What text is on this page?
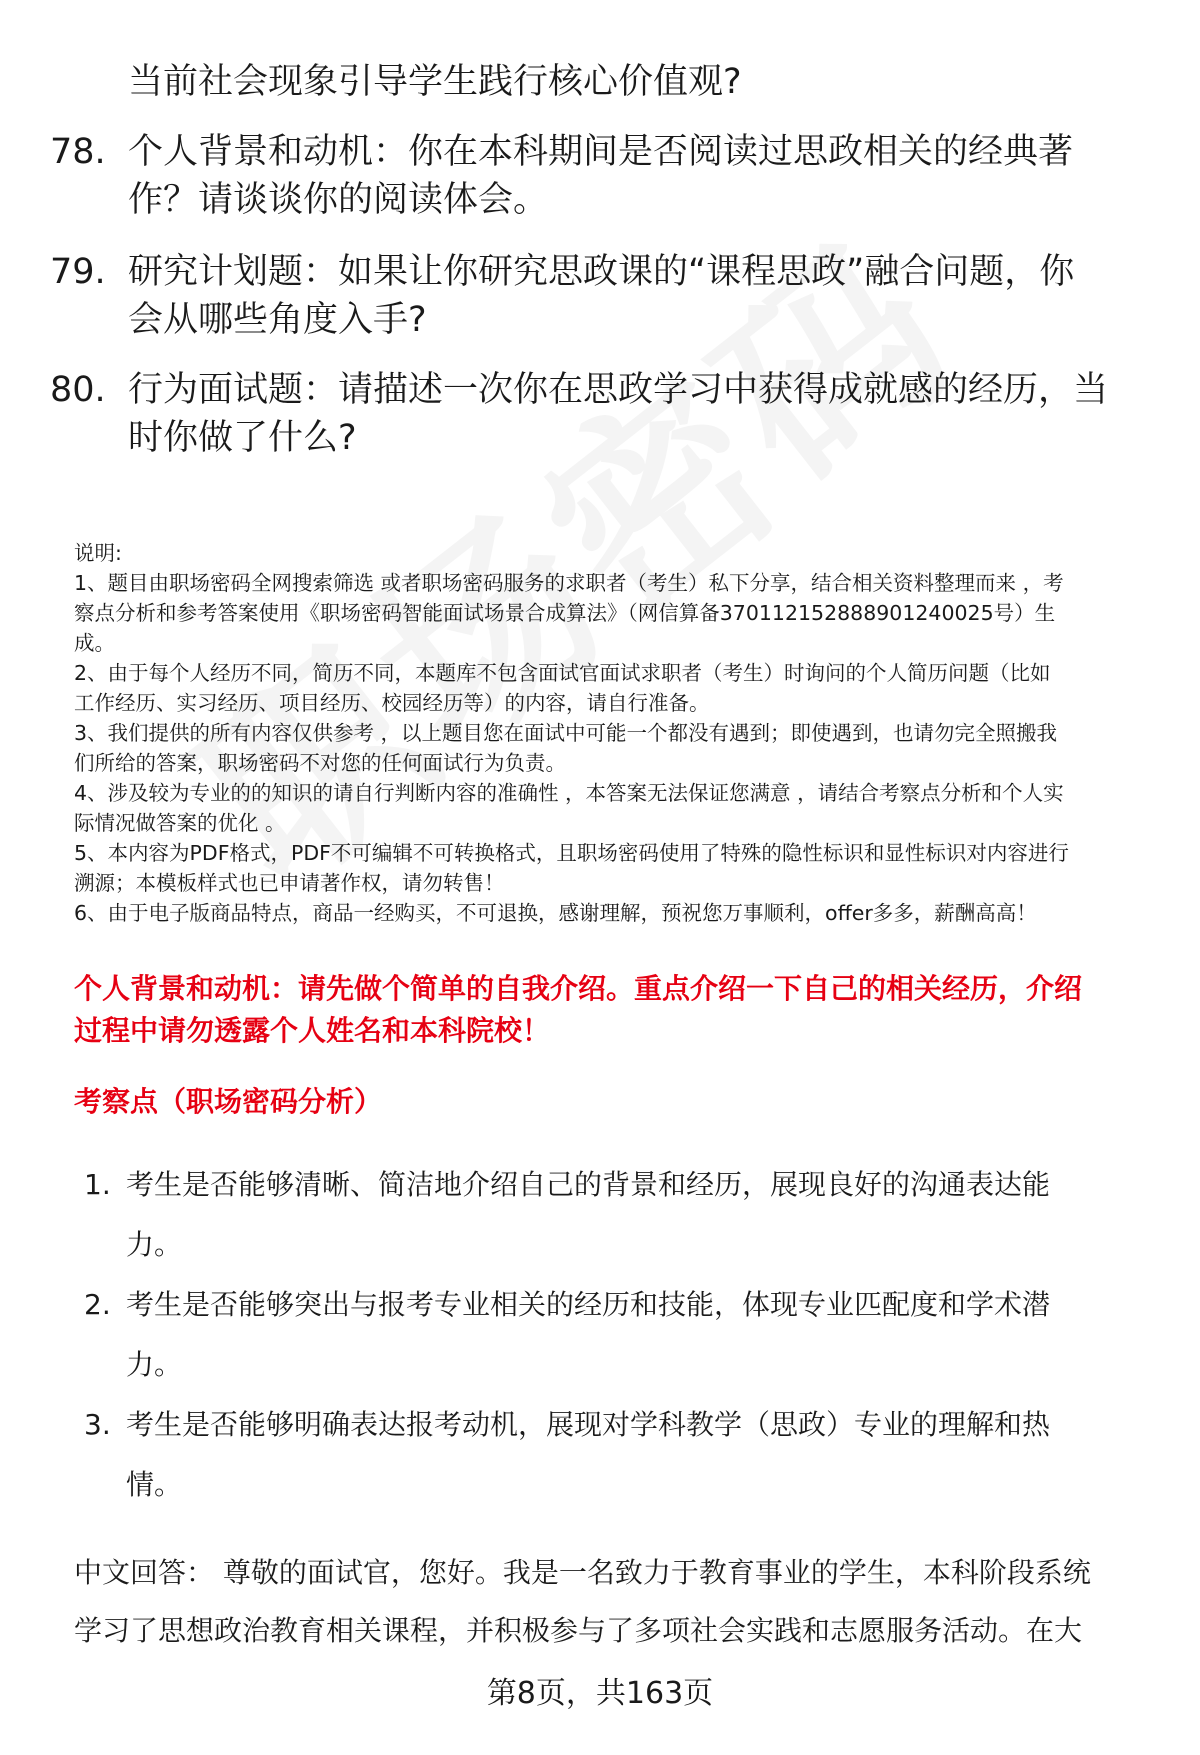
当前社会现象引导学生践行核心价值观?
78. 个人背景和动机：你在本科期间是否阅读过思政相关的经典著
作？请谈谈你的阅读体会。
79. 研究计划题：如果让你研究思政课的“课程思政”融合问题，你
会从哪些角度入手?
80. 行为面试题：请描述一次你在思政学习中获得成就感的经历，当
时你做了什么?
说明:
1、题目由职场密码全网搜索筛选 或者职场密码服务的求职者（考生）私下分享，结合相关资料整理而来 ，考
察点分析和参考答案使用《职场密码智能面试场景合成算法》（网信算备370112152888901240025号）生
成。
2、由于每个人经历不同，简历不同，本题库不包含面试官面试求职者（考生）时询问的个人简历问题（比如
工作经历、实习经历、项目经历、校园经历等）的内容，请自行准备。
3、我们提供的所有内容仅供参考 ，以上题目您在面试中可能一个都没有遇到；即使遇到，也请勿完全照搬我
们所给的答案，职场密码不对您的任何面试行为负责。
4、涉及较为专业的的知识的请自行判断内容的准确性 ，本答案无法保证您满意 ，请结合考察点分析和个人实
际情况做答案的优化 。
5、本内容为PDF格式，PDF不可编辑不可转换格式，且职场密码使用了特殊的隐性标识和显性标识对内容进行
溯源；本模板样式也已申请著作权，请勿转售！
6、由于电子版商品特点，商品一经购买，不可退换，感谢理解，预祝您万事顺利，offer多多，薪酬高高！
个人背景和动机：请先做个简单的自我介绍。重点介绍一下自己的相关经历，介绍
过程中请勿透露个人姓名和本科院校！
考察点（职场密码分析）
1. 考生是否能够清晰、简洁地介绍自己的背景和经历，展现良好的沟通表达能
力。
2. 考生是否能够突出与报考专业相关的经历和技能，体现专业匹配度和学术潜
力。
3. 考生是否能够明确表达报考动机，展现对学科教学（思政）专业的理解和热
情。
中文回答： 尊敬的面试官，您好。我是一名致力于教育事业的学生，本科阶段系统
学习了思想政治教育相关课程，并积极参与了多项社会实践和志愿服务活动。在大
第8页，共163页
